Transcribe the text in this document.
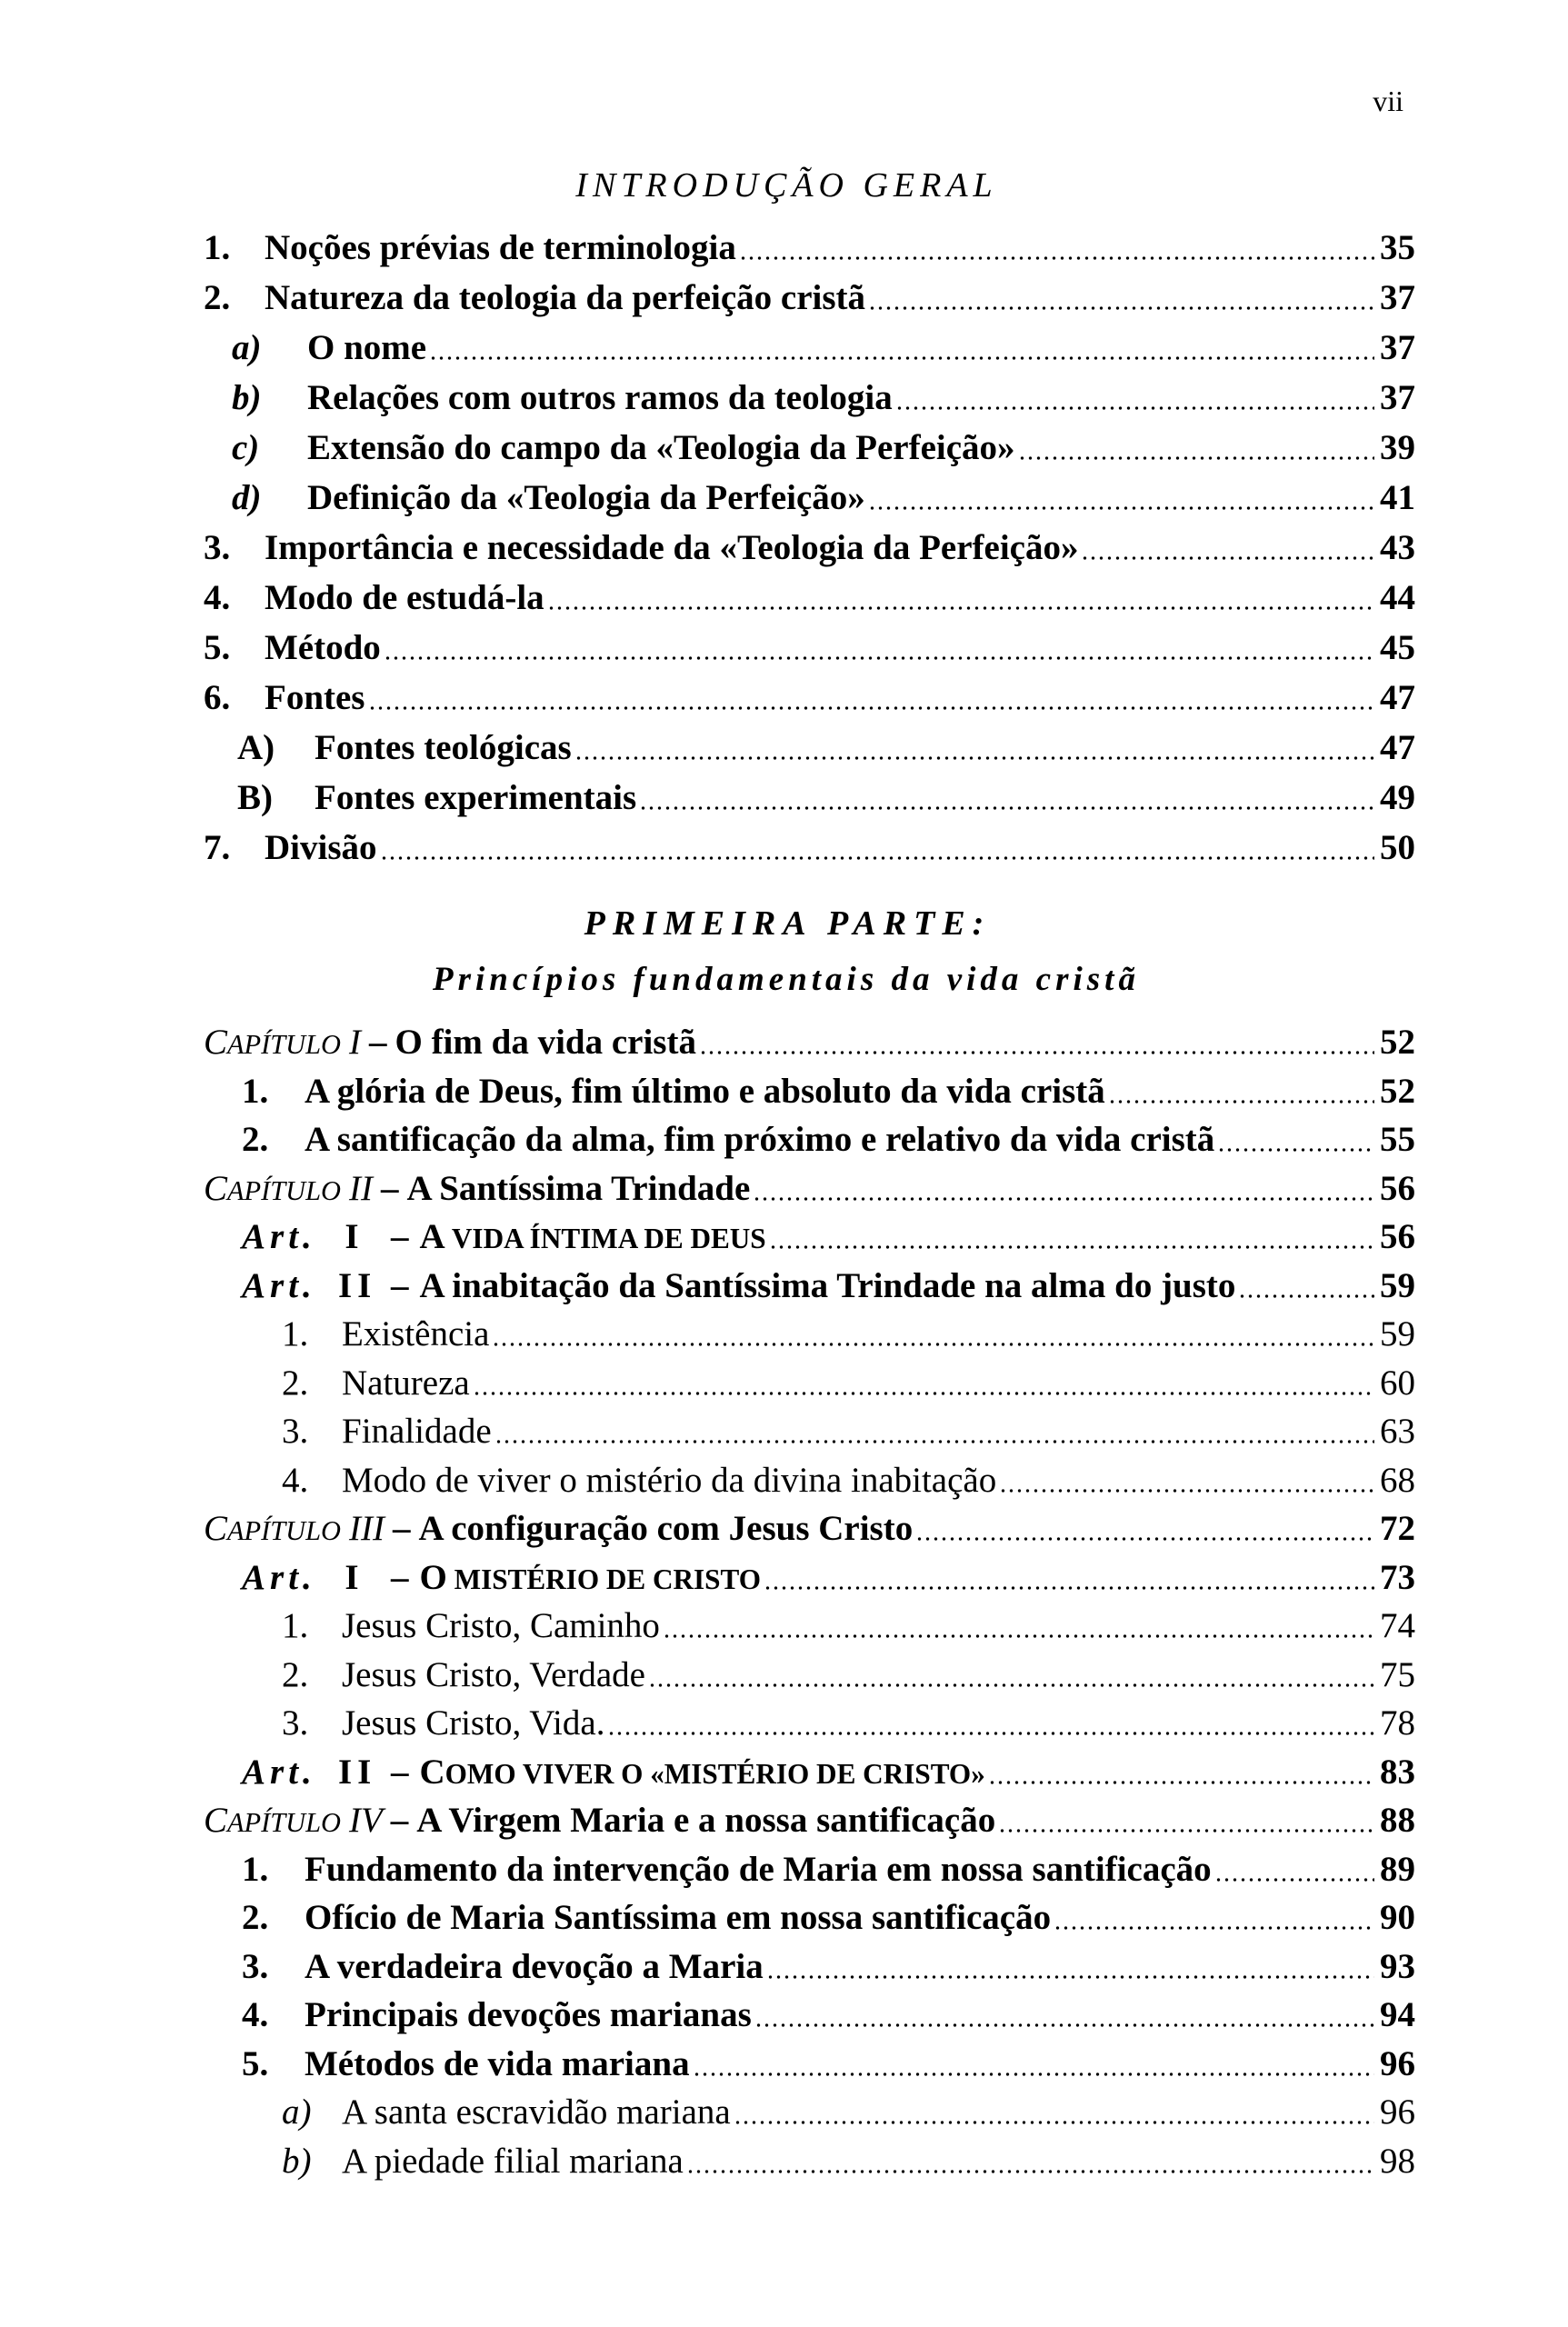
vii
INTRODUÇÃO GERAL
1. Noções prévias de terminologia	35
2. Natureza da teologia da perfeição cristã	37
a)	O nome	37
b)	Relações com outros ramos da teologia	37
c)	Extensão do campo da «Teologia da Perfeição»	39
d)	Definição da «Teologia da Perfeição»	41
3. Importância e necessidade da «Teologia da Perfeição»	43
4. Modo de estudá-la	44
5. Método	45
6. Fontes	47
A)	Fontes teológicas	47
B)	Fontes experimentais	49
7. Divisão	50
PRIMEIRA PARTE:
Princípios fundamentais da vida cristã
CAPÍTULO I – O fim da vida cristã	52
1.	A glória de Deus, fim último e absoluto da vida cristã	52
2.	A santificação da alma, fim próximo e relativo da vida cristã	55
CAPÍTULO II – A Santíssima Trindade	56
Art. I – A VIDA ÍNTIMA DE DEUS	56
Art. II – A inabitação da Santíssima Trindade na alma do justo	59
1. Existência	59
2. Natureza	60
3. Finalidade	63
4. Modo de viver o mistério da divina inabitação	68
CAPÍTULO III – A configuração com Jesus Cristo	72
Art. I – O MISTÉRIO DE CRISTO	73
1. Jesus Cristo, Caminho	74
2. Jesus Cristo, Verdade	75
3. Jesus Cristo, Vida.	78
Art. II – COMO VIVER O «MISTÉRIO DE CRISTO»	83
CAPÍTULO IV – A Virgem Maria e a nossa santificação	88
1.	Fundamento da intervenção de Maria em nossa santificação	89
2.	Ofício de Maria Santíssima em nossa santificação	90
3.	A verdadeira devoção a Maria	93
4.	Principais devoções marianas	94
5.	Métodos de vida mariana	96
a) A santa escravidão mariana	96
b) A piedade filial mariana	98
